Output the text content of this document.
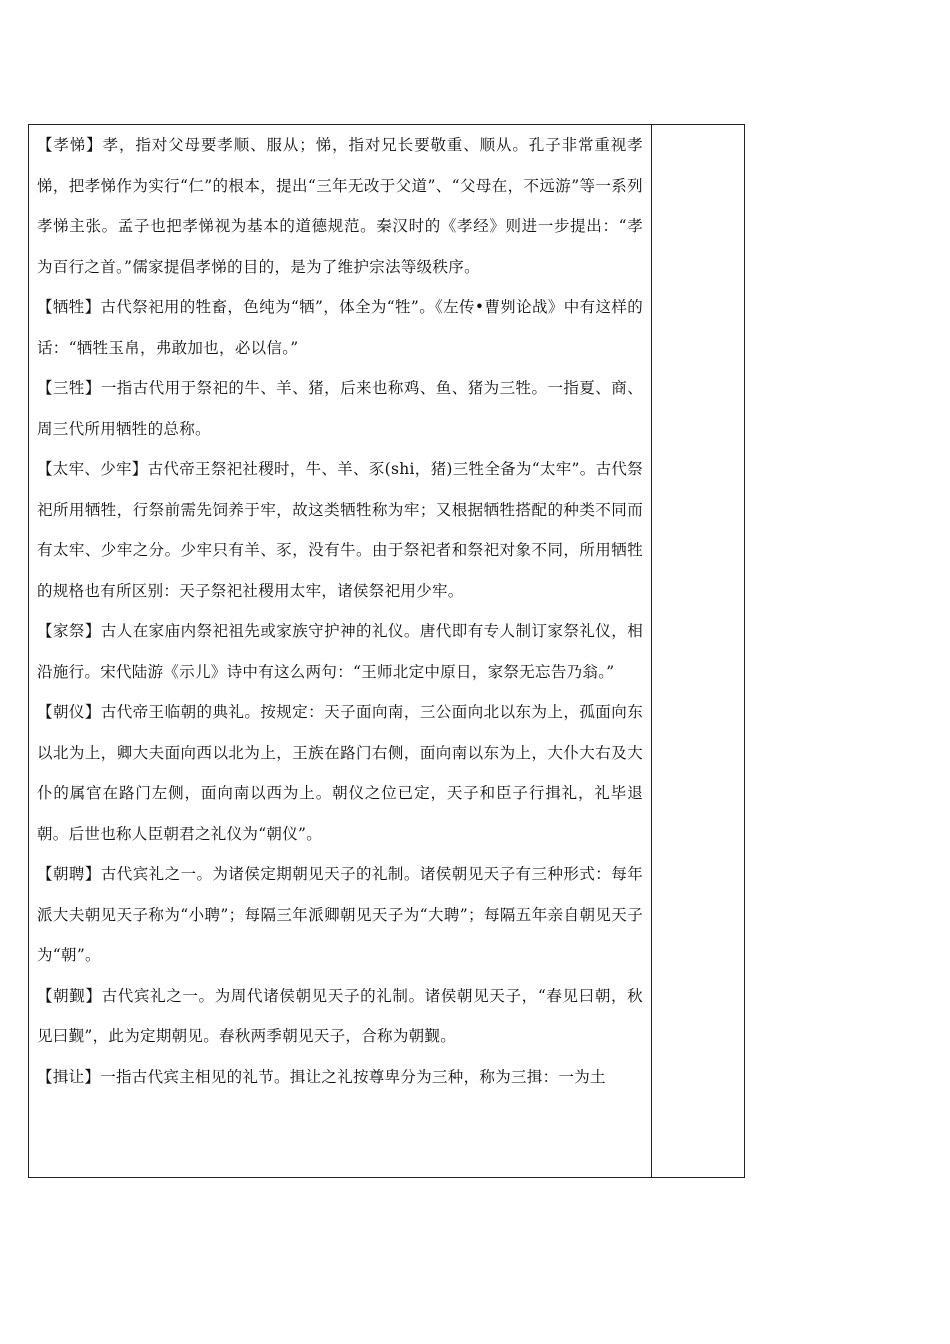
【孝悌】孝，指对父母要孝顺、服从；悌，指对兄长要敬重、顺从。孔子非常重视孝悌，把孝悌作为实行“仁”的根本，提出“三年无改于父道”、“父母在，不远游”等一系列孝悌主张。孟子也把孝悌视为基本的道德规范。秦汉时的《孝经》则进一步提出：“孝为百行之首。”儒家提倡孝悌的目的，是为了维护宗法等级秩序。

【牺牲】古代祭祀用的牲畜，色纯为“牺”，体全为“牲”。《左传•曹刿论战》中有这样的话：“牺牲玉帛，弗敢加也，必以信。”

【三牲】一指古代用于祭祀的牛、羊、猪，后来也称鸡、鱼、猪为三牲。一指夏、商、周三代所用牺牲的总称。

【太牢、少牢】古代帝王祭祀社稷时，牛、羊、豕(shi，猪)三牲全备为“太牢”。古代祭祀所用牺牲，行祭前需先饲养于牢，故这类牺牲称为牢；又根据牺牲搭配的种类不同而有太牢、少牢之分。少牢只有羊、豕，没有牛。由于祭祀者和祭祀对象不同，所用牺牲的规格也有所区别：天子祭祀社稷用太牢，诸侯祭祀用少牢。

【家祭】古人在家庙内祭祀祖先或家族守护神的礼仪。唐代即有专人制订家祭礼仪，相沿施行。宋代陆游《示儿》诗中有这么两句：“王师北定中原日，家祭无忘告乃翁。”

【朝仪】古代帝王临朝的典礼。按规定：天子面向南，三公面向北以东为上，孤面向东以北为上，卿大夫面向西以北为上，王族在路门右侧，面向南以东为上，大仆大右及大仆的属官在路门左侧，面向南以西为上。朝仪之位已定，天子和臣子行揖礼，礼毕退朝。后世也称人臣朝君之礼仪为“朝仪”。

【朝聘】古代宾礼之一。为诸侯定期朝见天子的礼制。诸侯朝见天子有三种形式：每年派大夫朝见天子称为“小聘”；每隔三年派卿朝见天子为“大聘”；每隔五年亲自朝见天子为“朝”。

【朝觐】古代宾礼之一。为周代诸侯朝见天子的礼制。诸侯朝见天子，“春见曰朝，秋见曰觐”，此为定期朝见。春秋两季朝见天子，合称为朝觐。

【揖让】一指古代宾主相见的礼节。揖让之礼按尊卑分为三种，称为三揖：一为土
